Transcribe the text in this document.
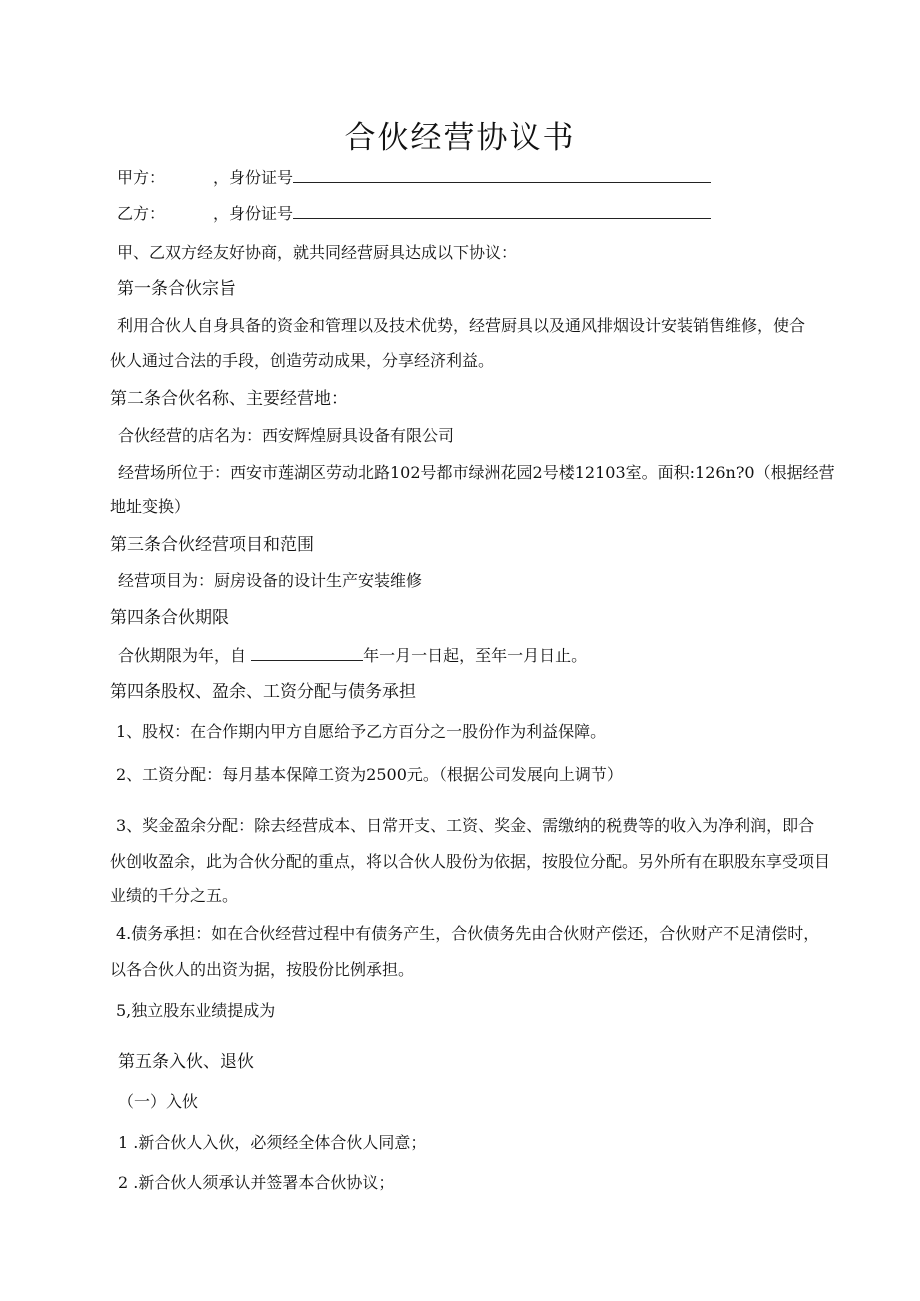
合伙经营协议书
甲方：	，身份证号
乙方：	，身份证号
甲、乙双方经友好协商，就共同经营厨具达成以下协议：
第一条合伙宗旨
利用合伙人自身具备的资金和管理以及技术优势，经营厨具以及通风排烟设计安装销售维修，使合
伙人通过合法的手段，创造劳动成果，分享经济利益。
第二条合伙名称、主要经营地：
合伙经营的店名为：西安辉煌厨具设备有限公司
经营场所位于：西安市莲湖区劳动北路102号都市绿洲花园2号楼12103室。面积:126n?0（根据经营
地址变换）
第三条合伙经营项目和范围
经营项目为：厨房设备的设计生产安装维修
第四条合伙期限
合伙期限为年，自	年一月一日起，至年一月日止。
第四条股权、盈余、工资分配与债务承担
1、股权：在合作期内甲方自愿给予乙方百分之一股份作为利益保障。
2、工资分配：每月基本保障工资为2500元。（根据公司发展向上调节）
3、奖金盈余分配：除去经营成本、日常开支、工资、奖金、需缴纳的税费等的收入为净利润，即合
伙创收盈余，此为合伙分配的重点，将以合伙人股份为依据，按股位分配。另外所有在职股东享受项目
业绩的千分之五。
4.债务承担：如在合伙经营过程中有债务产生，合伙债务先由合伙财产偿还，合伙财产不足清偿时，
以各合伙人的出资为据，按股份比例承担。
5,独立股东业绩提成为
第五条入伙、退伙
（一）入伙
1 .新合伙人入伙，必须经全体合伙人同意；
2 .新合伙人须承认并签署本合伙协议；
